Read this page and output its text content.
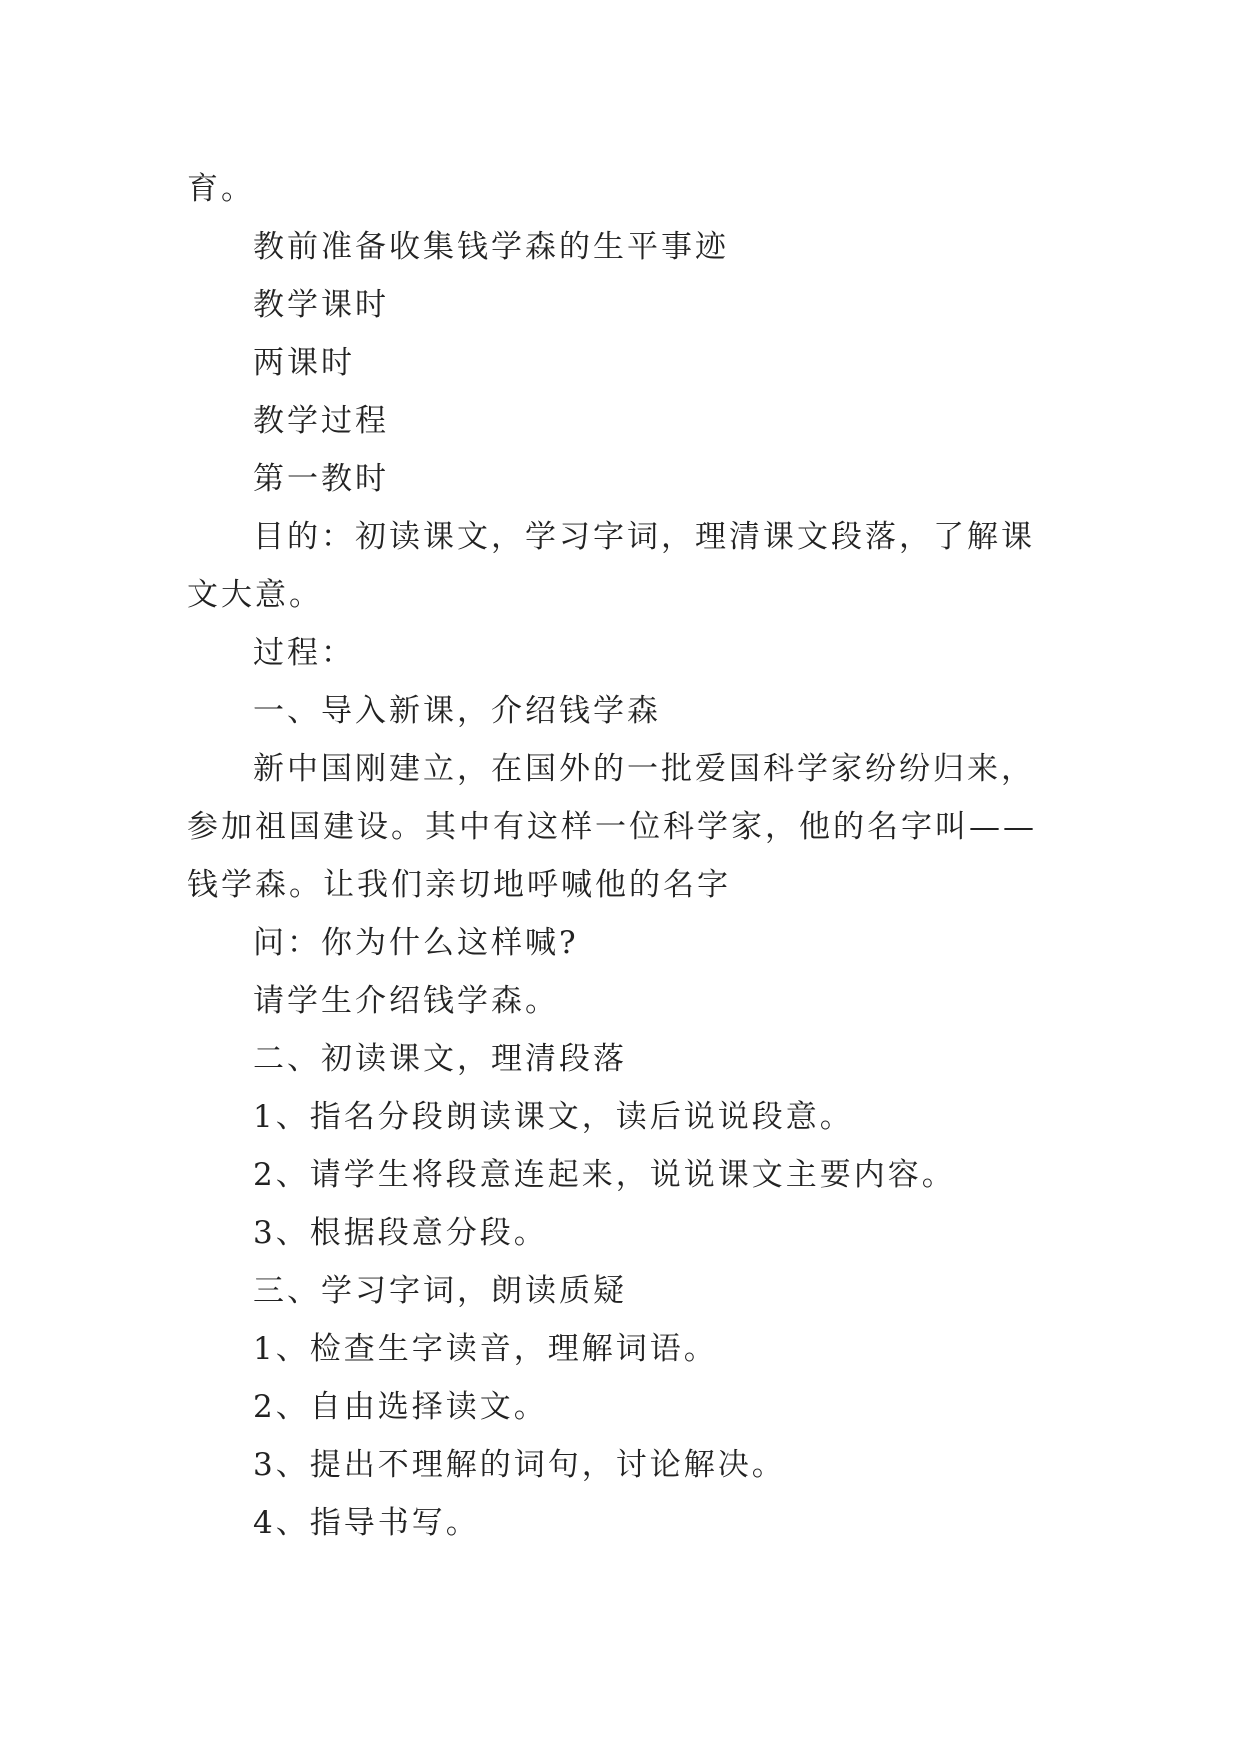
育。

教前准备收集钱学森的生平事迹

教学课时

两课时

教学过程

第一教时

目的：初读课文，学习字词，理清课文段落，了解课文大意。

过程：

一、导入新课，介绍钱学森

新中国刚建立，在国外的一批爱国科学家纷纷归来，参加祖国建设。其中有这样一位科学家，他的名字叫——钱学森。让我们亲切地呼喊他的名字

问：你为什么这样喊?

请学生介绍钱学森。

二、初读课文，理清段落

1、指名分段朗读课文，读后说说段意。

2、请学生将段意连起来，说说课文主要内容。

3、根据段意分段。

三、学习字词，朗读质疑

1、检查生字读音，理解词语。

2、自由选择读文。

3、提出不理解的词句，讨论解决。

4、指导书写。
